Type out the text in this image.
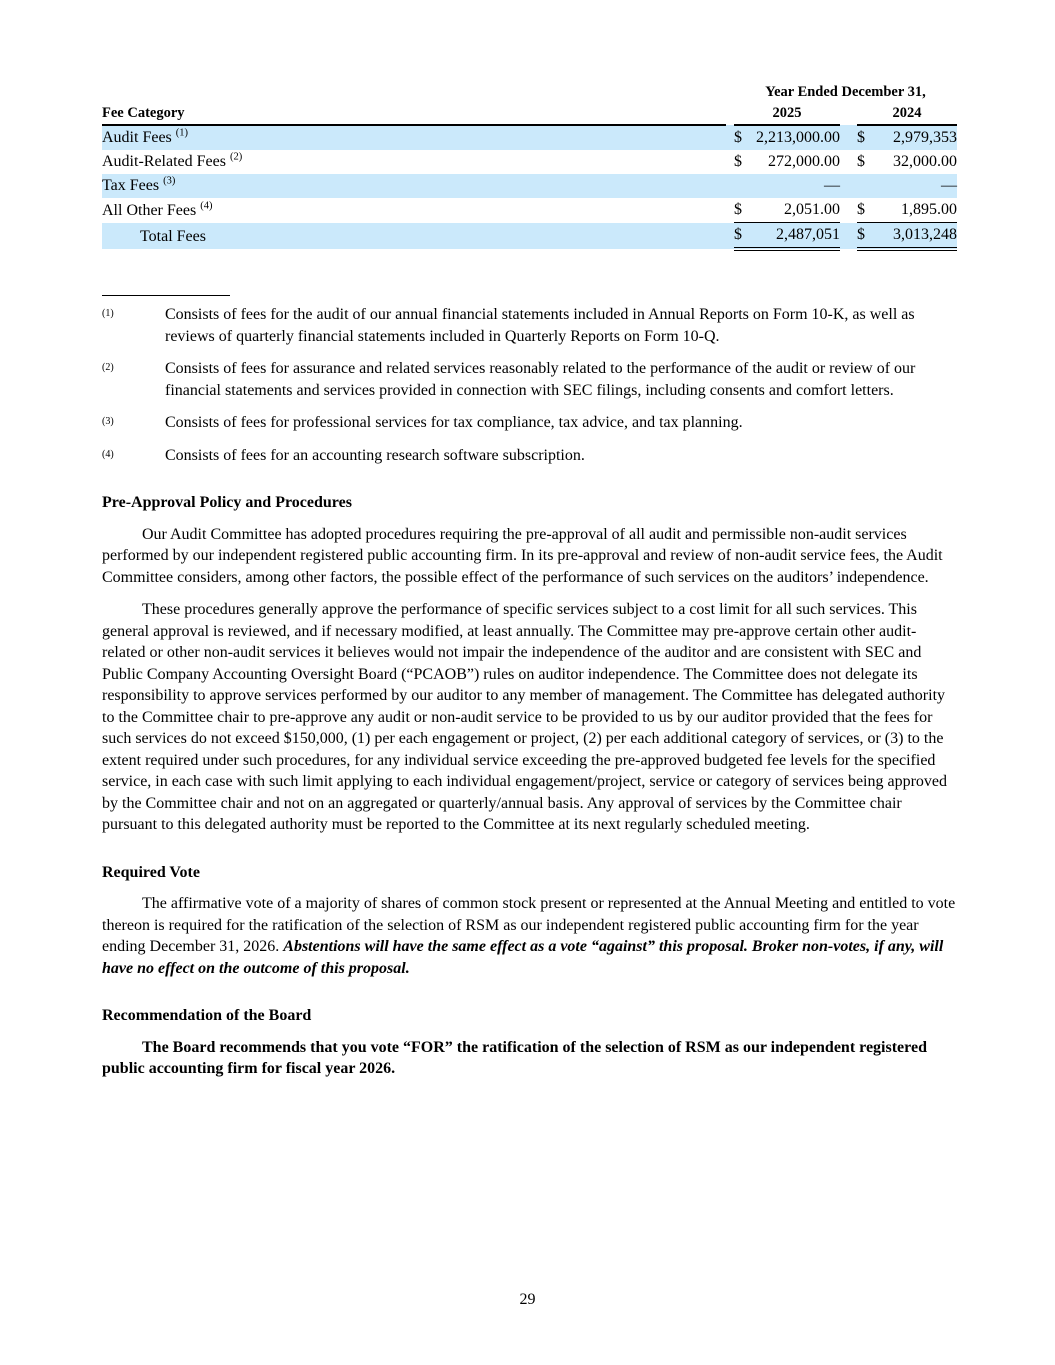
		Year Ended December 31,				
Fee Category		2025			2024	
Audit Fees $^{(1)}$		$	2,213,000.00		$	2,979,353
Audit-Related Fees $^{(2)}$		$	272,000.00		$	32,000.00
Tax Fees $^{(3)}$			—			—
All Other Fees $^{(4)}$		$	2,051.00		$	1,895.00
Total Fees		$	2,487,051		$	3,013,248
(1)	Consists of fees for the audit of our annual financial statements included in Annual Reports on Form 10-K, as well as reviews of quarterly financial statements included in Quarterly Reports on Form 10-Q.
(2)	Consists of fees for assurance and related services reasonably related to the performance of the audit or review of our financial statements and services provided in connection with SEC filings, including consents and comfort letters.
(3)	Consists of fees for professional services for tax compliance, tax advice, and tax planning.
(4)	Consists of fees for an accounting research software subscription.
Pre-Approval Policy and Procedures

Our Audit Committee has adopted procedures requiring the pre-approval of all audit and permissible non-audit services performed by our independent registered public accounting firm. In its pre-approval and review of non-audit service fees, the Audit Committee considers, among other factors, the possible effect of the performance of such services on the auditors’ independence.

These procedures generally approve the performance of specific services subject to a cost limit for all such services. This general approval is reviewed, and if necessary modified, at least annually. The Committee may pre-approve certain other audit-related or other non-audit services it believes would not impair the independence of the auditor and are consistent with SEC and Public Company Accounting Oversight Board (“PCAOB”) rules on auditor independence. The Committee does not delegate its responsibility to approve services performed by our auditor to any member of management. The Committee has delegated authority to the Committee chair to pre-approve any audit or non-audit service to be provided to us by our auditor provided that the fees for such services do not exceed $150,000, (1) per each engagement or project, (2) per each additional category of services, or (3) to the extent required under such procedures, for any individual service exceeding the pre-approved budgeted fee levels for the specified service, in each case with such limit applying to each individual engagement/project, service or category of services being approved by the Committee chair and not on an aggregated or quarterly/annual basis. Any approval of services by the Committee chair pursuant to this delegated authority must be reported to the Committee at its next regularly scheduled meeting.

Required Vote

The affirmative vote of a majority of shares of common stock present or represented at the Annual Meeting and entitled to vote thereon is required for the ratification of the selection of RSM as our independent registered public accounting firm for the year ending December 31, 2026. Abstentions will have the same effect as a vote “against” this proposal. Broker non-votes, if any, will have no effect on the outcome of this proposal.

Recommendation of the Board

The Board recommends that you vote “FOR” the ratification of the selection of RSM as our independent registered public accounting firm for fiscal year 2026.

29
